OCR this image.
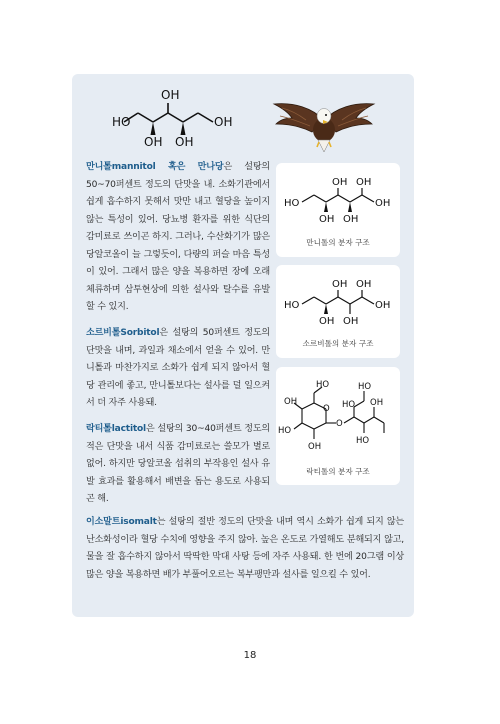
HO
OH
OH OH
OH

만니톨mannitol 혹은 만나당은 설탕의 50~70퍼센트 정도의 단맛을 내. 소화기관에서 쉽게 흡수하지 못해서 맛만 내고 혈당을 높이지 않는 특성이 있어. 당뇨병 환자를 위한 식단의 감미료로 쓰이곤 하지. 그러나, 수산화기가 많은 당알코올이 늘 그렇듯이, 다량의 퍼슬 마음 특성이 있어. 그래서 많은 양을 복용하면 장에 오래 체류하며 삼투현상에 의한 설사와 탈수를 유발할 수 있지.

소르비톨Sorbitol은 설탕의 50퍼센트 정도의 단맛을 내며, 과일과 채소에서 얻을 수 있어. 만니톨과 마찬가지로 소화가 쉽게 되지 않아서 혈당 관리에 좋고, 만니톨보다는 설사를 덜 일으켜서 더 자주 사용돼.

락티톨lactitol은 설탕의 30~40퍼센트 정도의 적은 단맛을 내서 식품 감미료로는 쓸모가 별로 없어. 하지만 당알코올 섭취의 부작용인 설사 유발 효과를 활용해서 배변을 돕는 용도로 사용되곤 해.

이소말트isomalt는 설탕의 절반 정도의 단맛을 내며 역시 소화가 쉽게 되지 않는 난소화성이라 혈당 수치에 영향을 주지 않아. 높은 온도로 가열해도 분해되지 않고, 물을 잘 흡수하지 않아서 딱딱한 막대 사탕 등에 자주 사용돼. 한 번에 20그램 이상 많은 양을 복용하면 배가 부풀어오르는 복부팽만과 설사를 일으킬 수 있어.

HO
OH OH
OH OH
OH
만니톨의 분자 구조
HO
OH OH
OH OH
OH
소르비톨의 분자 구조
HO
OH
O
HO
OH
O
HO
HO
OH
HO
락티톨의 분자 구조
18
